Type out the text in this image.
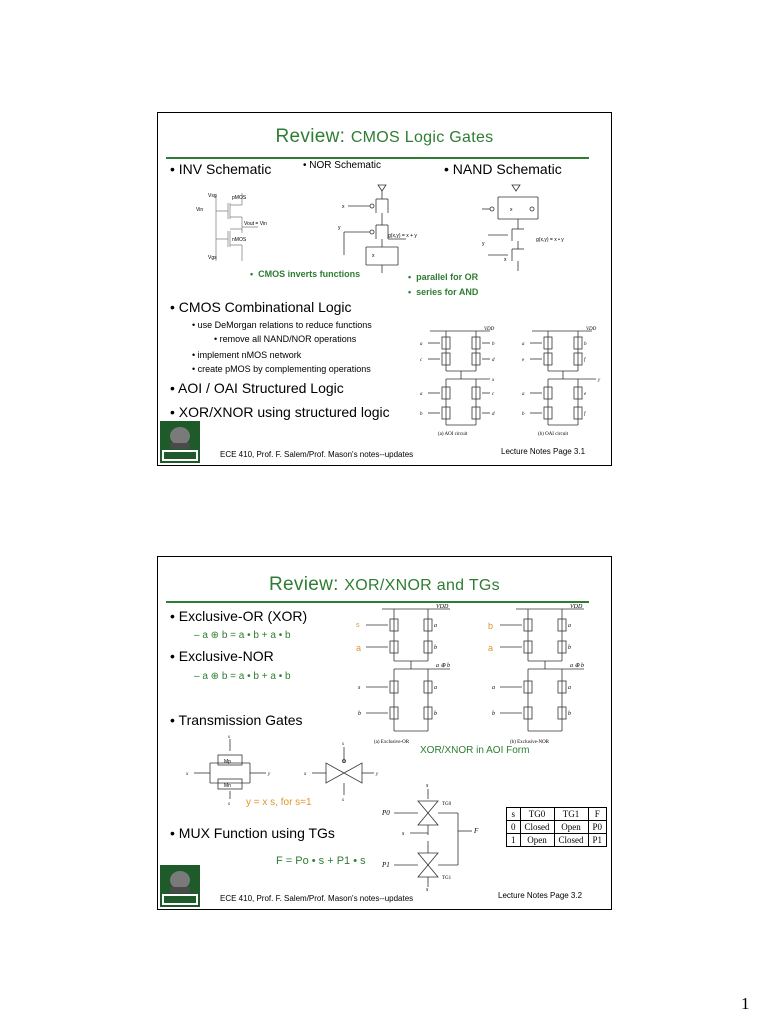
Review: CMOS Logic Gates
• INV Schematic	• NOR Schematic	• NAND Schematic
Vin
Vsg	pMOS
Vout = Vin
nMOS
Vgs
x
y
x
g(x,y) = x + y
x
y
x
g(x,y) = x • y
•  CMOS inverts functions	•  parallel for OR
•  series for AND
• CMOS Combinational Logic
• use DeMorgan relations to reduce functions
• remove all NAND/NOR operations
• implement nMOS network
• create pMOS by complementing operations
• AOI / OAI Structured Logic
• XOR/XNOR using structured logic
VDD
a
c
b
d
x
a
b
c
d
(a) AOI circuit
VDD
a
e
b
f
y
a
b
e
f
(b) OAI circuit
ECE 410, Prof. F. Salem/Prof. Mason's notes--updates	Lecture Notes Page 3.1
Review: XOR/XNOR and TGs
• Exclusive-OR (XOR)
– a ⊕ b = a • b + a • b
• Exclusive-NOR
– a ⊕ b = a • b + a • b
• Transmission Gates
VDD
s
a
a
b
a ⊕ b
s
b
a
b
(a) Exclusive-OR
VDD
b
a
a
b
a ⊕ b
a
b
a
b
(b) Exclusive-NOR
XOR/XNOR in AOI Form
s
Mp
Mn
x	y
s
x	y
s
s
y = x s, for s=1
s
P0
TG0
s	F
P1
TG1
s
s	TG0	TG1	F
0	Closed	Open	P0
1	Open	Closed	P1
• MUX Function using TGs
F = Po • s + P1 • s
ECE 410, Prof. F. Salem/Prof. Mason's notes--updates	Lecture Notes Page 3.2
1
